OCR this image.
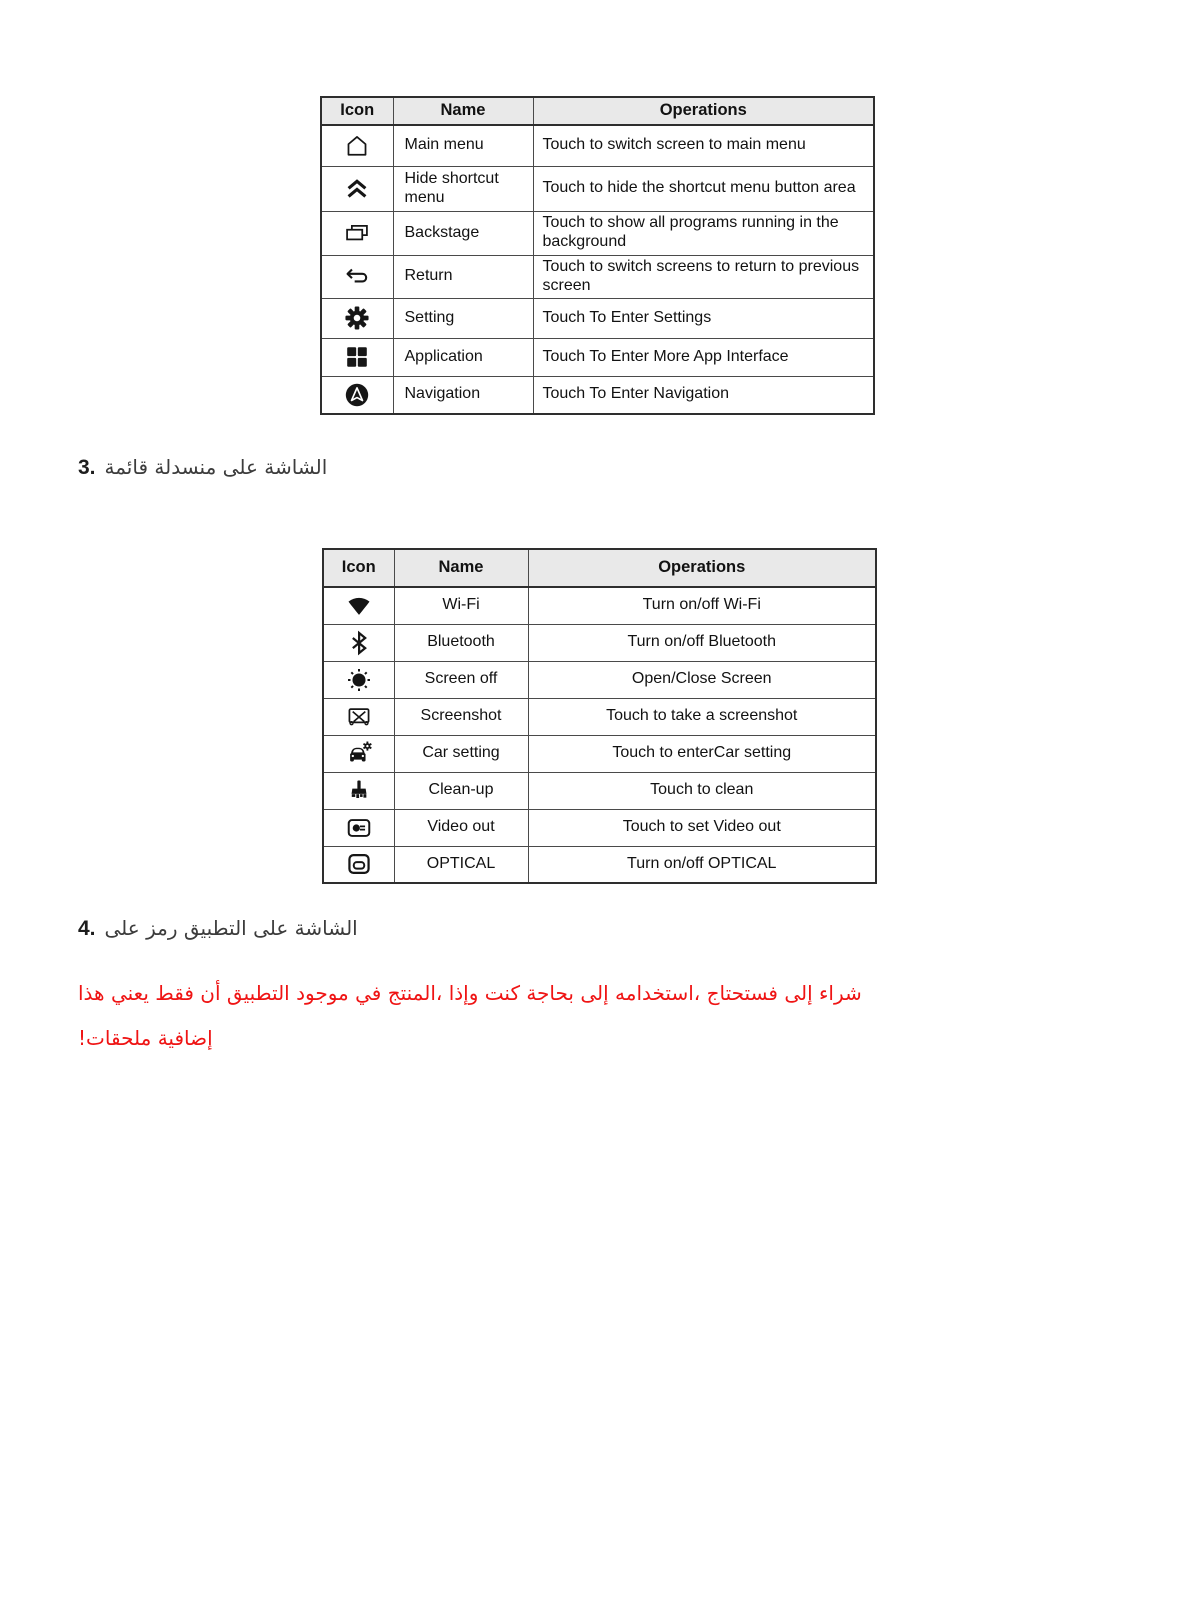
Icon	Name	Operations

	Main menu	Touch to switch screen to main menu

	Hide shortcut menu	Touch to hide the shortcut menu button area

	Backstage	Touch to show all programs running in the background

	Return	Touch to switch screens to return to previous screen

	Setting	Touch To Enter Settings

	Application	Touch To Enter More App Interface

	Navigation	Touch To Enter Navigation
3. قائمة‎ منسدلة‎ على‎ الشاشة
Icon	Name	Operations

	Wi-Fi	Turn on/off Wi-Fi

	Bluetooth	Turn on/off Bluetooth

	Screen off	Open/Close Screen

	Screenshot	Touch to take a screenshot

	Car setting	Touch to enterCar setting

	Clean-up	Touch to clean

	Video out	Touch to set Video out

	OPTICAL	Turn on/off OPTICAL
4. على‎ رمز‎ التطبيق‎ على‎ الشاشة
هذا‎ يعني‎ فقط‎ أن‎ التطبيق‎ موجود‎ في‎ المنتج،‎ وإذا‎ كنت‎ بحاجة‎ إلى‎ استخدامه،‎ فستحتاج‎ إلى‎ شراء
!ملحقات‎ إضافية
